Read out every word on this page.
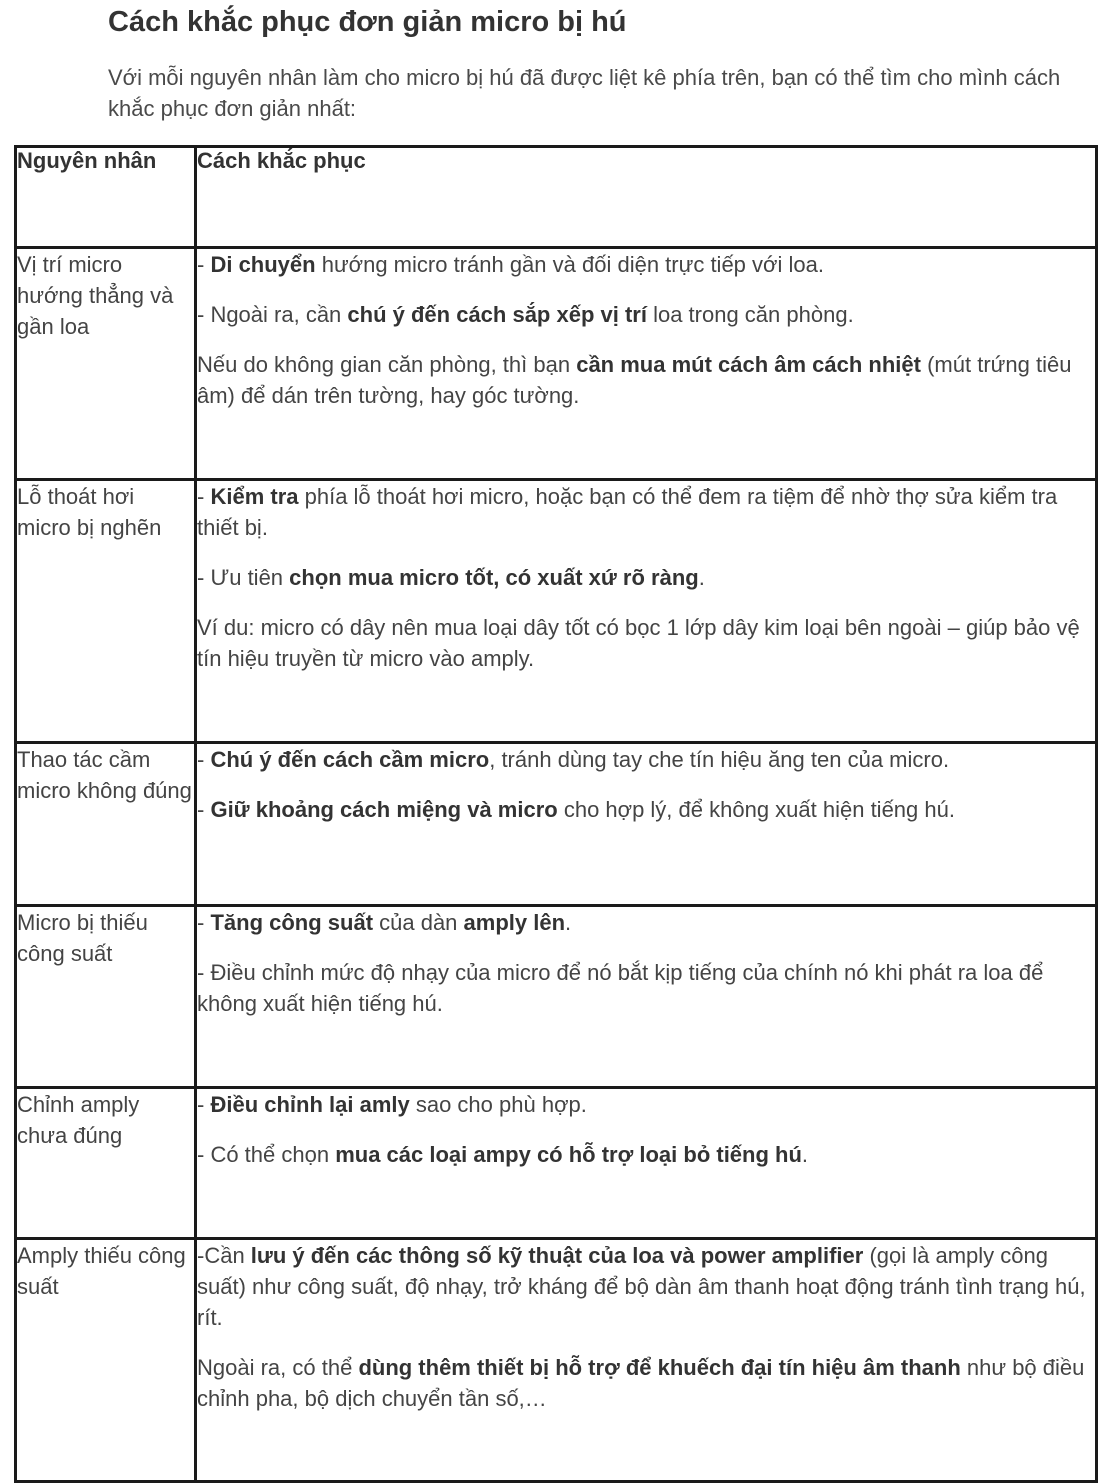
Cách khắc phục đơn giản micro bị hú

Với mỗi nguyên nhân làm cho micro bị hú đã được liệt kê phía trên, bạn có thể tìm cho mình cách khắc phục đơn giản nhất:

Nguyên nhân	Cách khắc phục
Vị trí micro hướng thẳng và gần loa	- Di chuyển hướng micro tránh gần và đối diện trực tiếp với loa.

- Ngoài ra, cần chú ý đến cách sắp xếp vị trí loa trong căn phòng.

Nếu do không gian căn phòng, thì bạn cần mua mút cách âm cách nhiệt (mút trứng tiêu âm) để dán trên tường, hay góc tường.

Lỗ thoát hơi micro bị nghẽn	- Kiểm tra phía lỗ thoát hơi micro, hoặc bạn có thể đem ra tiệm để nhờ thợ sửa kiểm tra thiết bị.

- Ưu tiên chọn mua micro tốt, có xuất xứ rõ ràng.

Ví du: micro có dây nên mua loại dây tốt có bọc 1 lớp dây kim loại bên ngoài – giúp bảo vệ tín hiệu truyền từ micro vào amply.

Thao tác cầm micro không đúng	- Chú ý đến cách cầm micro, tránh dùng tay che tín hiệu ăng ten của micro.

- Giữ khoảng cách miệng và micro cho hợp lý, để không xuất hiện tiếng hú.

Micro bị thiếu công suất	- Tăng công suất của dàn amply lên.

- Điều chỉnh mức độ nhạy của micro để nó bắt kịp tiếng của chính nó khi phát ra loa để không xuất hiện tiếng hú.

Chỉnh amply chưa đúng	- Điều chỉnh lại amly sao cho phù hợp.

- Có thể chọn mua các loại ampy có hỗ trợ loại bỏ tiếng hú.

Amply thiếu công suất	-Cần lưu ý đến các thông số kỹ thuật của loa và power amplifier (gọi là amply công suất) như công suất, độ nhạy, trở kháng để bộ dàn âm thanh hoạt động tránh tình trạng hú, rít.

Ngoài ra, có thể dùng thêm thiết bị hỗ trợ để khuếch đại tín hiệu âm thanh như bộ điều chỉnh pha, bộ dịch chuyển tần số,…
